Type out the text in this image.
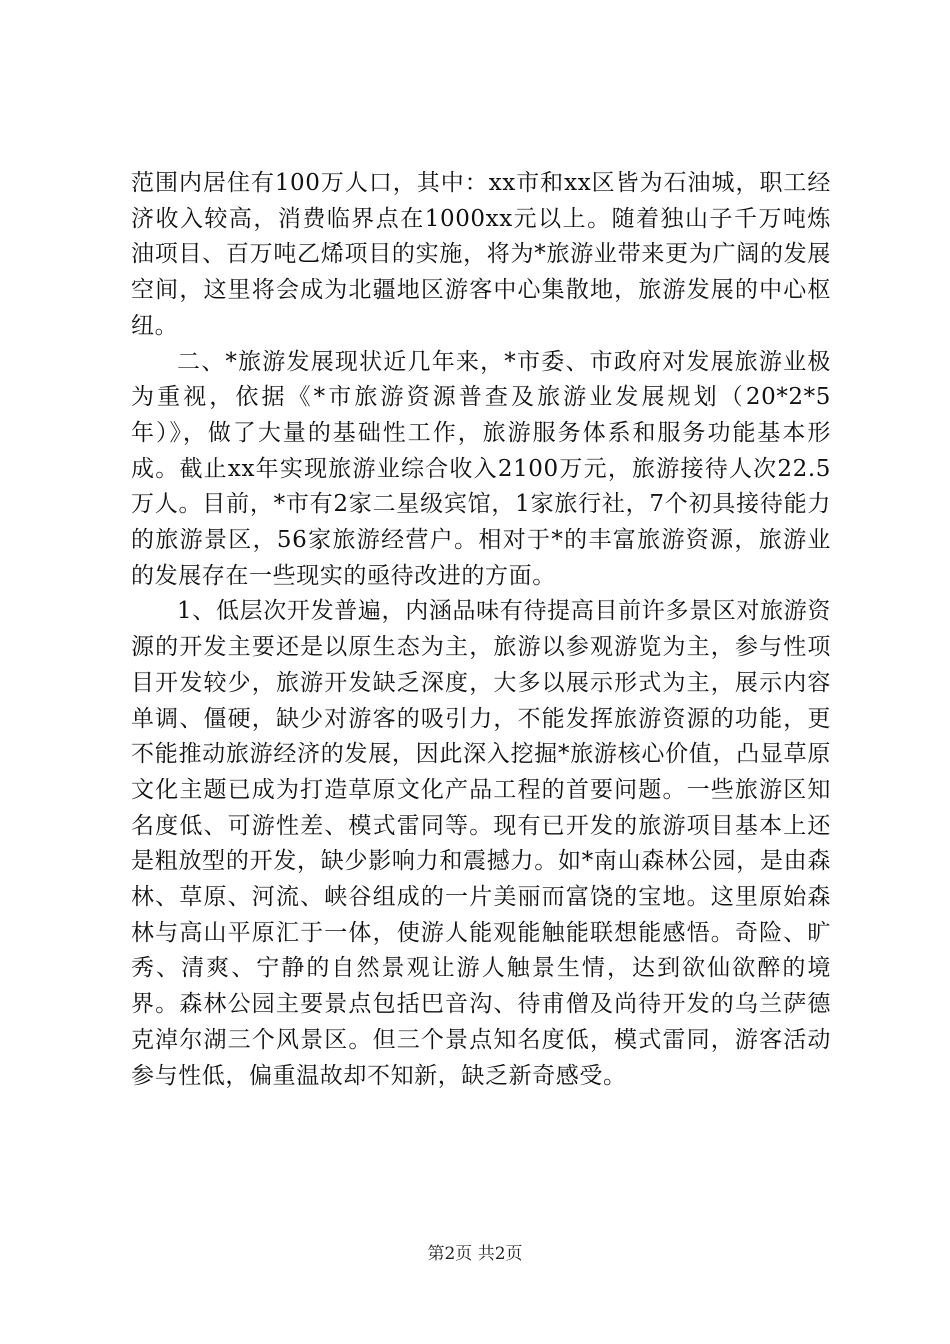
范围内居住有100万人口，其中：xx市和xx区皆为石油城，职工经济收入较高，消费临界点在1000xx元以上。随着独山子千万吨炼油项目、百万吨乙烯项目的实施，将为*旅游业带来更为广阔的发展空间，这里将会成为北疆地区游客中心集散地，旅游发展的中心枢纽。

二、*旅游发展现状近几年来，*市委、市政府对发展旅游业极为重视，依据《*市旅游资源普查及旅游业发展规划（20*2*5年）》，做了大量的基础性工作，旅游服务体系和服务功能基本形成。截止xx年实现旅游业综合收入2100万元，旅游接待人次22.5万人。目前，*市有2家二星级宾馆，1家旅行社，7个初具接待能力的旅游景区，56家旅游经营户。相对于*的丰富旅游资源，旅游业的发展存在一些现实的亟待改进的方面。

1、低层次开发普遍，内涵品味有待提高目前许多景区对旅游资源的开发主要还是以原生态为主，旅游以参观游览为主，参与性项目开发较少，旅游开发缺乏深度，大多以展示形式为主，展示内容单调、僵硬，缺少对游客的吸引力，不能发挥旅游资源的功能，更不能推动旅游经济的发展，因此深入挖掘*旅游核心价值，凸显草原文化主题已成为打造草原文化产品工程的首要问题。一些旅游区知名度低、可游性差、模式雷同等。现有已开发的旅游项目基本上还是粗放型的开发，缺少影响力和震撼力。如*南山森林公园，是由森林、草原、河流、峡谷组成的一片美丽而富饶的宝地。这里原始森林与高山平原汇于一体，使游人能观能触能联想能感悟。奇险、旷秀、清爽、宁静的自然景观让游人触景生情，达到欲仙欲醉的境界。森林公园主要景点包括巴音沟、待甫僧及尚待开发的乌兰萨德克淖尔湖三个风景区。但三个景点知名度低，模式雷同，游客活动参与性低，偏重温故却不知新，缺乏新奇感受。

第2页 共2页
